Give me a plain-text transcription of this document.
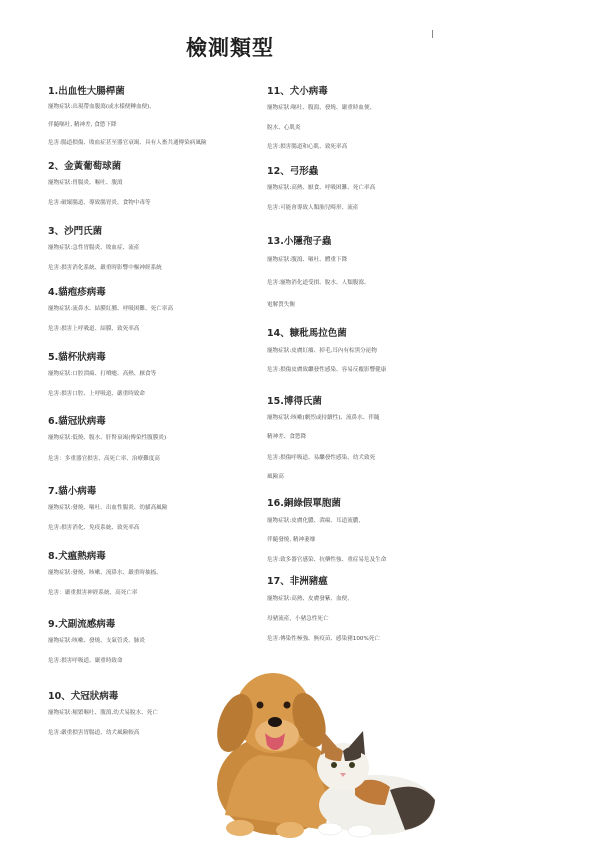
檢測類型

1.出血性大腸桿菌

寵物症狀:出現帶血腹瀉(或水樣便轉血便)、

伴隨嘔吐, 精神差, 食慾下降

危害:腸道損傷、敗血症甚至器官衰竭、具有人畜共通傳染病風險

2、金黃葡萄球菌

寵物症狀:胃腸炎、嘔吐、腹瀉

危害:破壞腸道、導致腸胃炎、食物中毒等

3、沙門氏菌

寵物症狀:急性胃腸炎、敗血症、流產

危害:損害消化系統、嚴重時影響中樞神經系統

4.貓疱疹病毒

寵物症狀:流鼻水、結膜紅腫、呼吸困難、死亡率高

危害:損害上呼吸道、結膜、致死率高

5.貓杯狀病毒

寵物症狀:口腔潰瘍、打噴嚏、高熱、厭食等

危害:損害口腔、上呼吸道、嚴重時致命

6.貓冠狀病毒

寵物症狀:低燒、腹水、肝腎衰竭(傳染性腹膜炎)

危害：多重器官損害、高死亡率、治療難度高

7.貓小病毒

寵物症狀:發燒、嘔吐、出血性腸炎、幼貓高風險

危害:損害消化、免疫系統、致死率高

8.犬瘟熱病毒

寵物症狀:發燒、咳嗽、流鼻水、嚴重時抽搐、

危害：嚴重損害神經系統、高死亡率

9.犬副流感病毒

寵物症狀:咳嗽、發燒、支氣管炎、肺炎

危害:損害呼吸道、嚴重時致命

10、犬冠狀病毒

寵物症狀:頻繁嘔吐、腹瀉,幼犬易脫水、死亡

危害:嚴重損害胃腸道、幼犬風險較高

11、犬小病毒

寵物症狀:嘔吐、腹瀉、發燒、嚴重時血便、

脫水、心肌炎

危害:損害腸道和心肌、致死率高

12、弓形蟲

寵物症狀:高熱、厭食、呼吸困難、死亡率高

危害:可能會導致人類胎兒畸形、流產

13.小隱孢子蟲

寵物症狀:腹瀉、嘔吐、體重下降

危害:寵物消化道受損、脫水、人類腹瀉、

電解質失衡

14、糠秕馬拉色菌

寵物症狀:皮膚紅癢、掉毛,耳內有棕黑分泌物

危害:損傷皮膚致繼發性感染、容易反覆影響健康

15.博得氏菌

寵物症狀:咳嗽(劇烈或持續性)、流鼻水、伴隨

精神差、食慾降

危害:損傷呼吸道、易繼發性感染、幼犬致死

風險高

16.銅綠假單胞菌

寵物症狀:皮膚化膿、潰瘍、耳道流膿,

伴隨發燒, 精神萎靡

危害:致多器官感染、抗藥性強、重症易危及生命

17、非洲豬瘟

寵物症狀:高熱、皮膚發紫、血便、

母豬流產，小豬急性死亡

危害:傳染性極強、無疫苗、感染豬100%死亡
